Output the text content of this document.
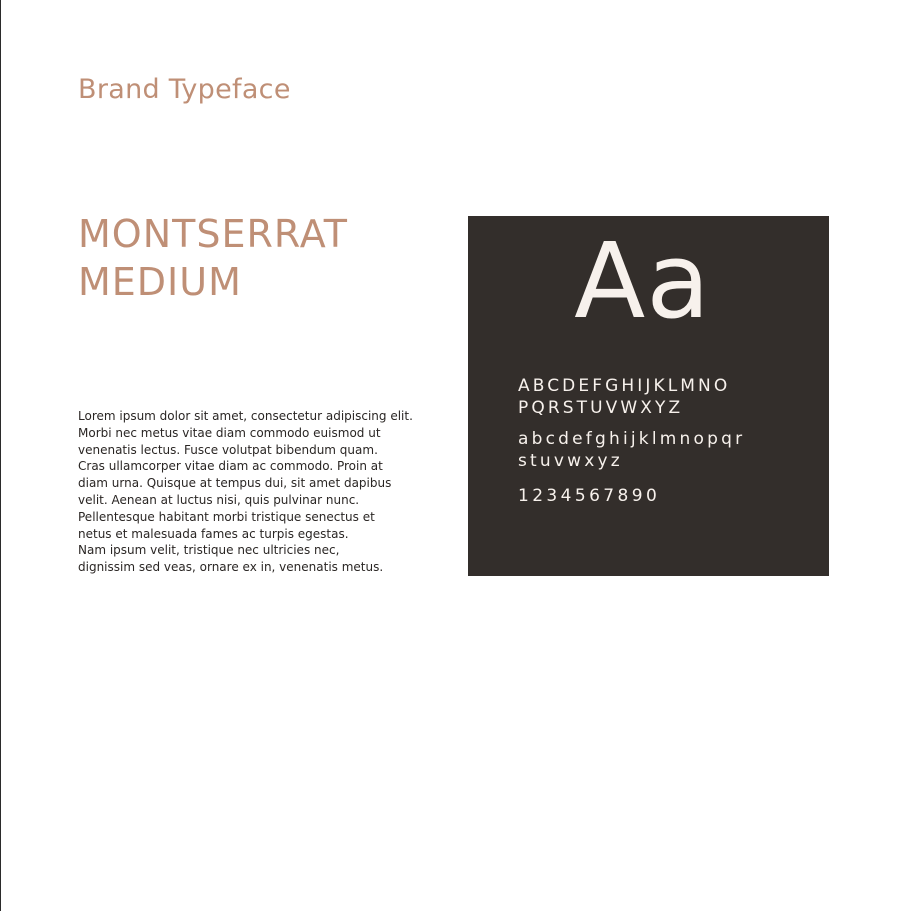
Brand Typeface
MONTSERRAT
MEDIUM

Lorem ipsum dolor sit amet, consectetur adipiscing elit.
Morbi nec metus vitae diam commodo euismod ut
venenatis lectus. Fusce volutpat bibendum quam.
Cras ullamcorper vitae diam ac commodo. Proin at
diam urna. Quisque at tempus dui, sit amet dapibus
velit. Aenean at luctus nisi, quis pulvinar nunc.
Pellentesque habitant morbi tristique senectus et
netus et malesuada fames ac turpis egestas.
Nam ipsum velit, tristique nec ultricies nec,
dignissim sed veas, ornare ex in, venenatis metus.

Aa

ABCDEFGHIJKLMNO
PQRSTUVWXYZ

abcdefghijklmnopqr
stuvwxyz

1234567890
